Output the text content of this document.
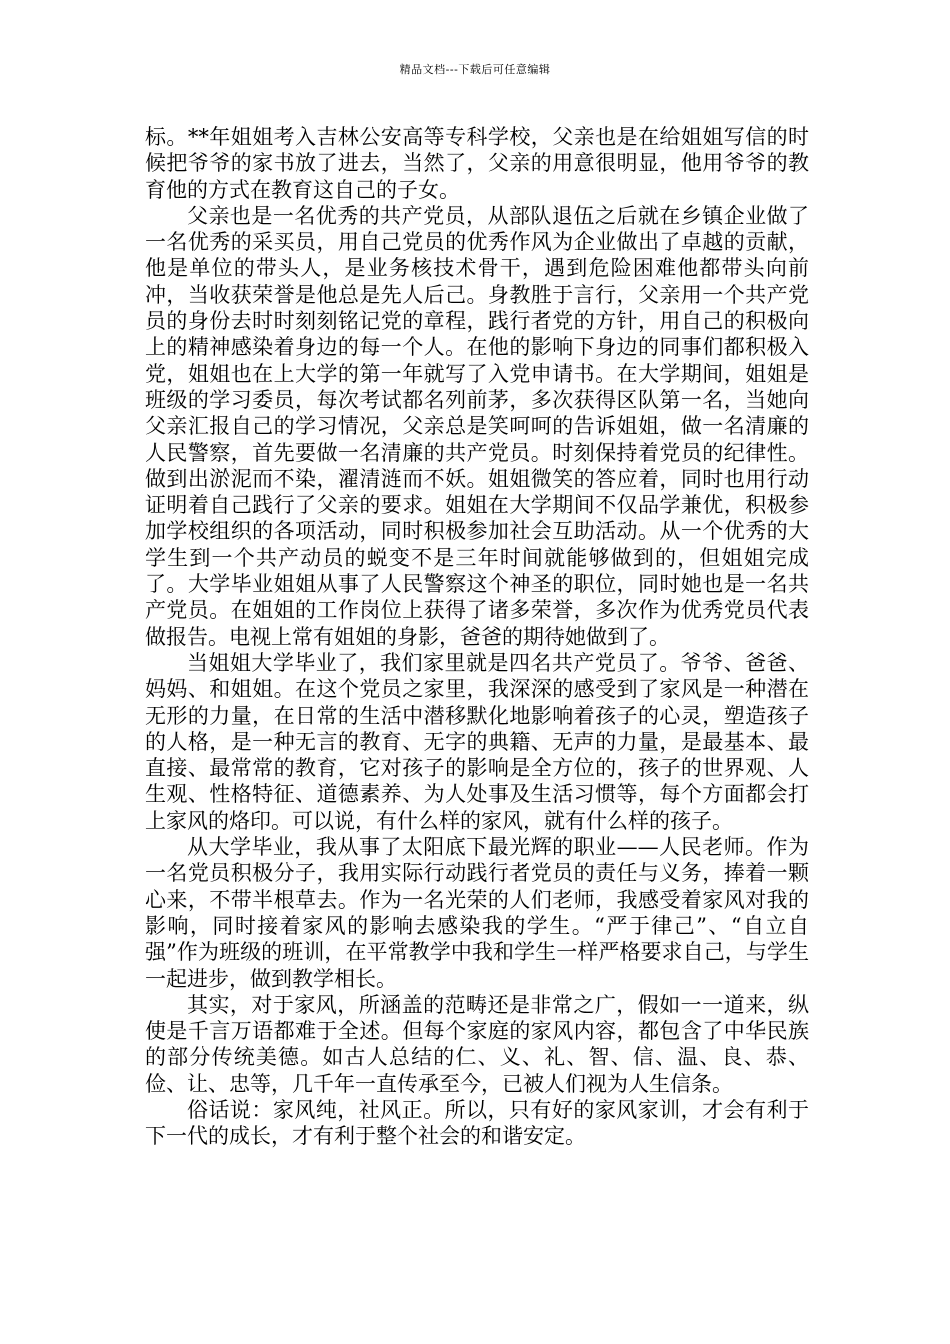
精品文档---下载后可任意编辑

标。**年姐姐考入吉林公安高等专科学校，父亲也是在给姐姐写信的时候把爷爷的家书放了进去，当然了，父亲的用意很明显，他用爷爷的教育他的方式在教育这自己的子女。

父亲也是一名优秀的共产党员，从部队退伍之后就在乡镇企业做了一名优秀的采买员，用自己党员的优秀作风为企业做出了卓越的贡献，他是单位的带头人，是业务核技术骨干，遇到危险困难他都带头向前冲，当收获荣誉是他总是先人后己。身教胜于言行，父亲用一个共产党员的身份去时时刻刻铭记党的章程，践行者党的方针，用自己的积极向上的精神感染着身边的每一个人。在他的影响下身边的同事们都积极入党，姐姐也在上大学的第一年就写了入党申请书。在大学期间，姐姐是班级的学习委员，每次考试都名列前茅，多次获得区队第一名，当她向父亲汇报自己的学习情况，父亲总是笑呵呵的告诉姐姐，做一名清廉的人民警察，首先要做一名清廉的共产党员。时刻保持着党员的纪律性。做到出淤泥而不染，濯清涟而不妖。姐姐微笑的答应着，同时也用行动证明着自己践行了父亲的要求。姐姐在大学期间不仅品学兼优，积极参加学校组织的各项活动，同时积极参加社会互助活动。从一个优秀的大学生到一个共产动员的蜕变不是三年时间就能够做到的，但姐姐完成了。大学毕业姐姐从事了人民警察这个神圣的职位，同时她也是一名共产党员。在姐姐的工作岗位上获得了诸多荣誉，多次作为优秀党员代表做报告。电视上常有姐姐的身影，爸爸的期待她做到了。

当姐姐大学毕业了，我们家里就是四名共产党员了。爷爷、爸爸、妈妈、和姐姐。在这个党员之家里，我深深的感受到了家风是一种潜在无形的力量，在日常的生活中潜移默化地影响着孩子的心灵，塑造孩子的人格，是一种无言的教育、无字的典籍、无声的力量，是最基本、最直接、最常常的教育，它对孩子的影响是全方位的，孩子的世界观、人生观、性格特征、道德素养、为人处事及生活习惯等，每个方面都会打上家风的烙印。可以说，有什么样的家风，就有什么样的孩子。

从大学毕业，我从事了太阳底下最光辉的职业——人民老师。作为一名党员积极分子，我用实际行动践行者党员的责任与义务，捧着一颗心来，不带半根草去。作为一名光荣的人们老师，我感受着家风对我的影响，同时接着家风的影响去感染我的学生。“严于律己”、“自立自强”作为班级的班训，在平常教学中我和学生一样严格要求自己，与学生一起进步，做到教学相长。

其实，对于家风，所涵盖的范畴还是非常之广，假如一一道来，纵使是千言万语都难于全述。但每个家庭的家风内容，都包含了中华民族的部分传统美德。如古人总结的仁、义、礼、智、信、温、良、恭、俭、让、忠等，几千年一直传承至今，已被人们视为人生信条。

俗话说：家风纯，社风正。所以，只有好的家风家训，才会有利于下一代的成长，才有利于整个社会的和谐安定。
